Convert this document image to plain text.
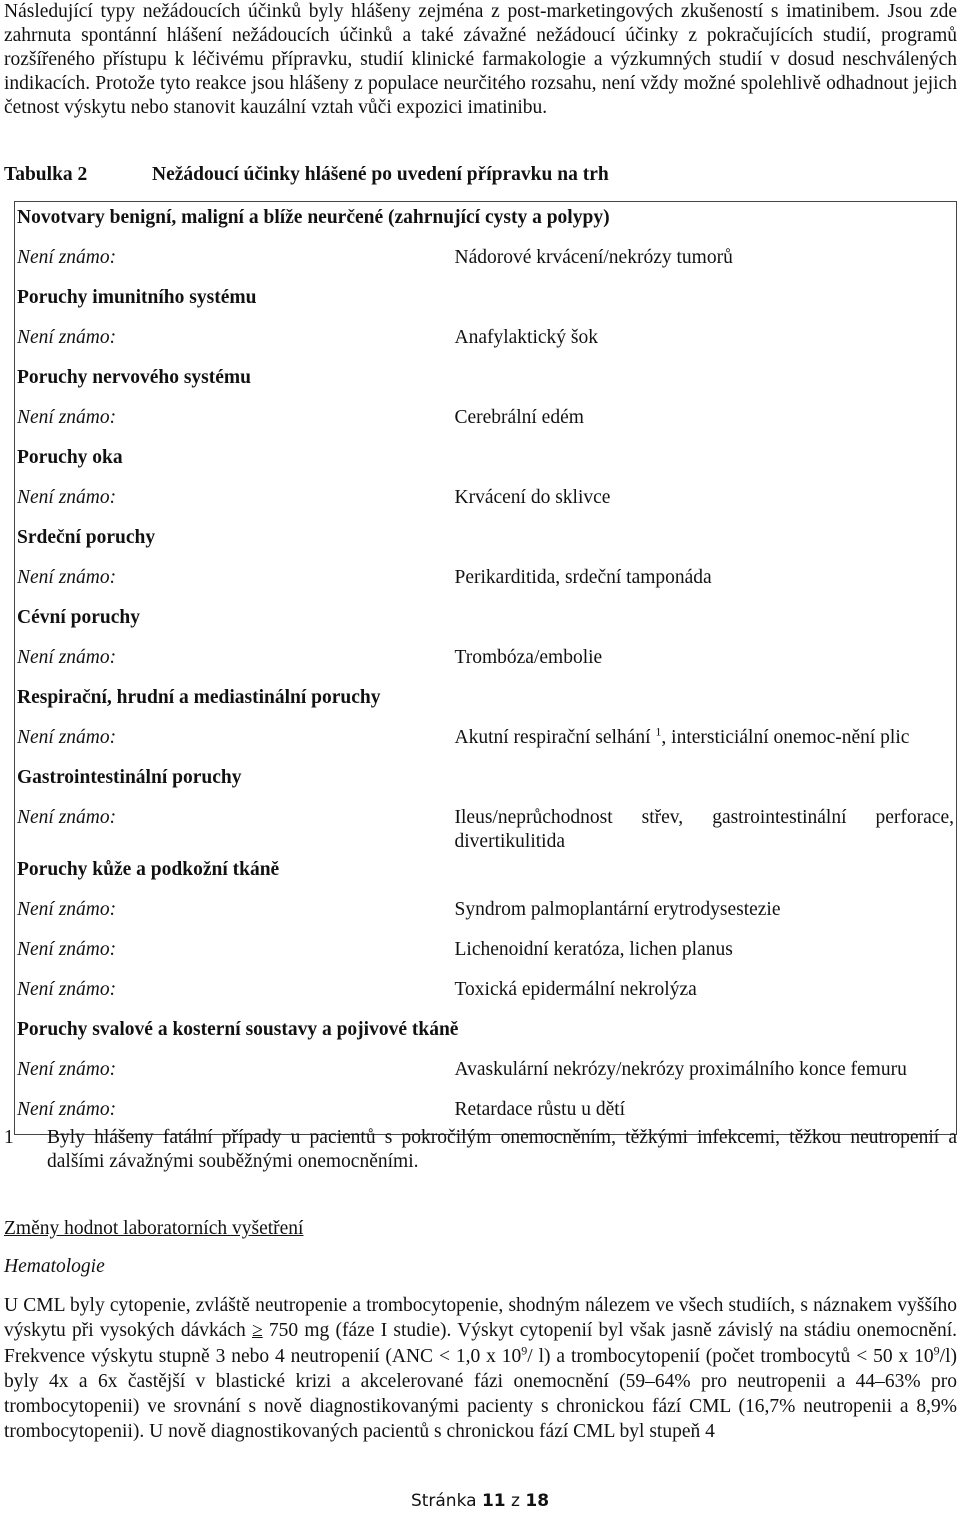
Následující typy nežádoucích účinků byly hlášeny zejména z post-marketingových zkušeností s imatinibem. Jsou zde zahrnuta spontánní hlášení nežádoucích účinků a také závažné nežádoucí účinky z pokračujících studií, programů rozšířeného přístupu k léčivému přípravku, studií klinické farmakologie a výzkumných studií v dosud neschválených indikacích. Protože tyto reakce jsou hlášeny z populace neurčitého rozsahu, není vždy možné spolehlivě odhadnout jejich četnost výskytu nebo stanovit kauzální vztah vůči expozici imatinibu.

Tabulka 2	Nežádoucí účinky hlášené po uvedení přípravku na trh
Novotvary benigní, maligní a blíže neurčené (zahrnující cysty a polypy)	
Není známo:	Nádorové krvácení/nekrózy tumorů
Poruchy imunitního systému	
Není známo:	Anafylaktický šok
Poruchy nervového systému	
Není známo:	Cerebrální edém
Poruchy oka	
Není známo:	Krvácení do sklivce
Srdeční poruchy	
Není známo:	Perikarditida, srdeční tamponáda
Cévní poruchy	
Není známo:	Trombóza/embolie
Respirační, hrudní a mediastinální poruchy	
Není známo:	Akutní respirační selhání $^1$, intersticiální onemoc-nění plic
Gastrointestinální poruchy	
Není známo:	Ileus/neprůchodnost střev, gastrointestinální perforace, divertikulitida
Poruchy kůže a podkožní tkáně	
Není známo:	Syndrom palmoplantární erytrodysestezie
Není známo:	Lichenoidní keratóza, lichen planus
Není známo:	Toxická epidermální nekrolýza
Poruchy svalové a kosterní soustavy a pojivové tkáně	
Není známo:	Avaskulární nekrózy/nekrózy proximálního konce femuru
Není známo:	Retardace růstu u dětí
1	Byly hlášeny fatální případy u pacientů s pokročilým onemocněním, těžkými infekcemi, těžkou neutropenií a dalšími závažnými souběžnými onemocněními.
Změny hodnot laboratorních vyšetření
Hematologie

U CML byly cytopenie, zvláště neutropenie a trombocytopenie, shodným nálezem ve všech studiích, s náznakem vyššího výskytu při vysokých dávkách ≥ 750 mg (fáze I studie). Výskyt cytopenií byl však jasně závislý na stádiu onemocnění. Frekvence výskytu stupně 3 nebo 4 neutropenií (ANC < 1,0 x $10^9/$ l) a trombocytopenií (počet trombocytů < 50 x $10^9/l$) byly 4x a 6x častější v blastické krizi a akcelerované fázi onemocnění (59–64% pro neutropenii a 44–63% pro trombocytopenii) ve srovnání s nově diagnostikovanými pacienty s chronickou fází CML (16,7% neutropenii a 8,9% trombocytopenii). U nově diagnostikovaných pacientů s chronickou fází CML byl stupeň 4

Stránka 11 z 18
